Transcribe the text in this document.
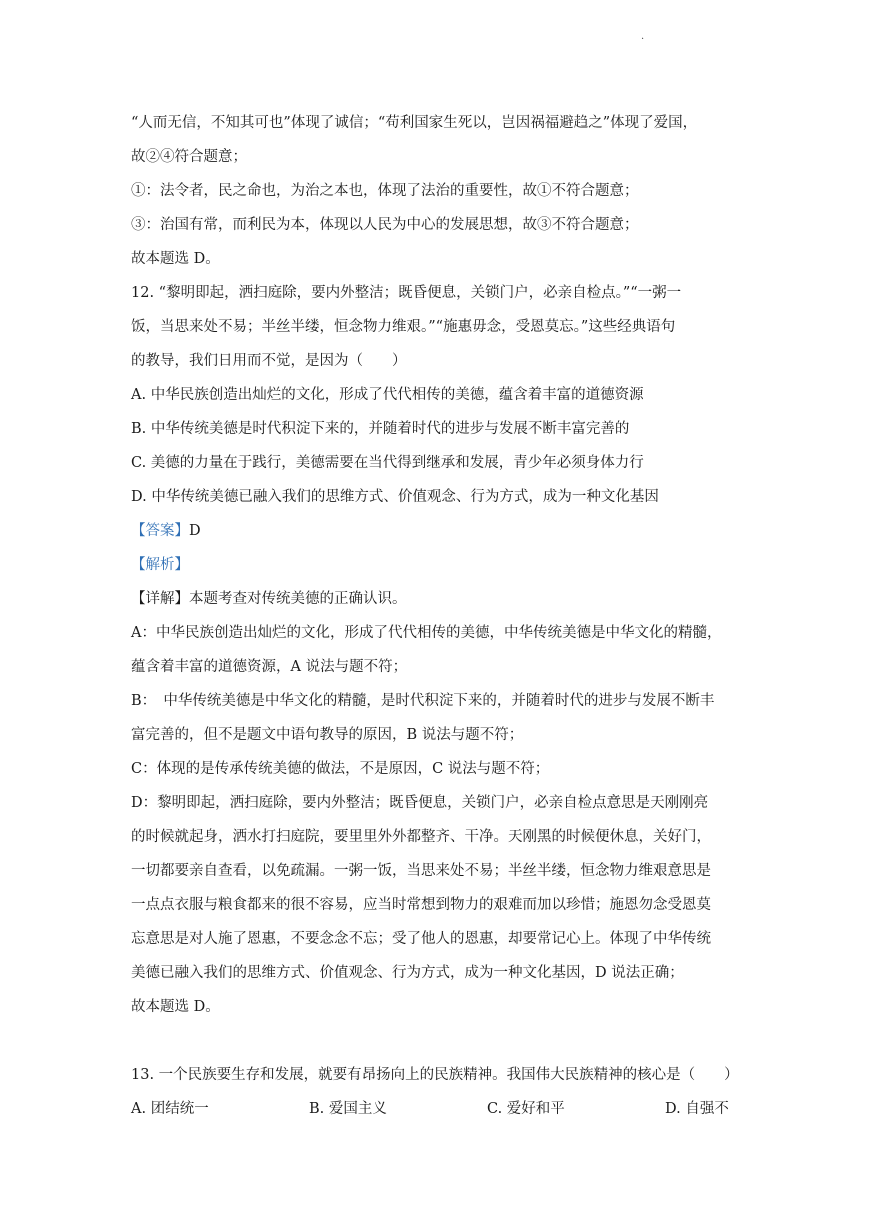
·

“人而无信，不知其可也”体现了诚信；“苟利国家生死以，岂因祸福避趋之”体现了爱国，

故②④符合题意；

①：法令者，民之命也，为治之本也，体现了法治的重要性，故①不符合题意；

③：治国有常，而利民为本，体现以人民为中心的发展思想，故③不符合题意；

故本题选 D。

12. “黎明即起，洒扫庭除，要内外整洁；既昏便息，关锁门户，必亲自检点。”“一粥一

饭，当思来处不易；半丝半缕，恒念物力维艰。”“施惠毋念，受恩莫忘。”这些经典语句

的教导，我们日用而不觉，是因为（　　）

A. 中华民族创造出灿烂的文化，形成了代代相传的美德，蕴含着丰富的道德资源

B. 中华传统美德是时代积淀下来的，并随着时代的进步与发展不断丰富完善的

C. 美德的力量在于践行，美德需要在当代得到继承和发展，青少年必须身体力行

D. 中华传统美德已融入我们的思维方式、价值观念、行为方式，成为一种文化基因

【答案】D

【解析】

【详解】本题考查对传统美德的正确认识。

A：中华民族创造出灿烂的文化，形成了代代相传的美德，中华传统美德是中华文化的精髓，

蕴含着丰富的道德资源，A 说法与题不符；

B：　中华传统美德是中华文化的精髓，是时代积淀下来的，并随着时代的进步与发展不断丰

富完善的，但不是题文中语句教导的原因，B 说法与题不符；

C：体现的是传承传统美德的做法，不是原因，C 说法与题不符；

D：黎明即起，洒扫庭除，要内外整洁；既昏便息，关锁门户，必亲自检点意思是天刚刚亮

的时候就起身，洒水打扫庭院，要里里外外都整齐、干净。天刚黑的时候便休息，关好门，

一切都要亲自查看，以免疏漏。一粥一饭，当思来处不易；半丝半缕，恒念物力维艰意思是

一点点衣服与粮食都来的很不容易，应当时常想到物力的艰难而加以珍惜；施恩勿念受恩莫

忘意思是对人施了恩惠，不要念念不忘；受了他人的恩惠，却要常记心上。体现了中华传统

美德已融入我们的思维方式、价值观念、行为方式，成为一种文化基因，D 说法正确；

故本题选 D。

13. 一个民族要生存和发展，就要有昂扬向上的民族精神。我国伟大民族精神的核心是（　　）

A. 团结统一	B. 爱国主义	C. 爱好和平	D. 自强不
